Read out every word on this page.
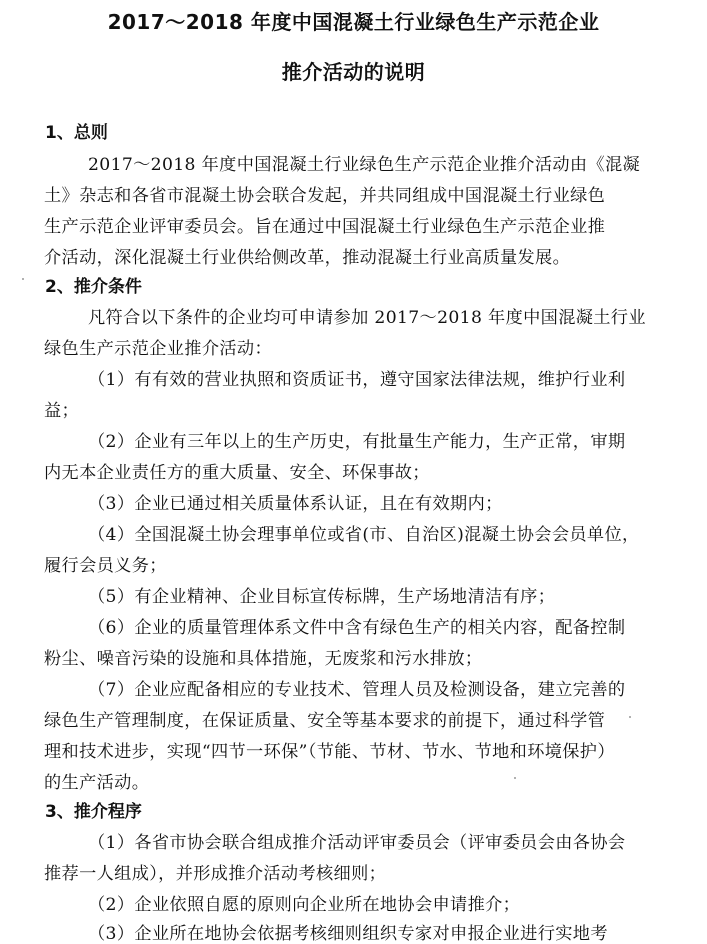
2017～2018 年度中国混凝土行业绿色生产示范企业
推介活动的说明
1、总则
2017～2018 年度中国混凝土行业绿色生产示范企业推介活动由《混凝
土》杂志和各省市混凝土协会联合发起，并共同组成中国混凝土行业绿色
生产示范企业评审委员会。旨在通过中国混凝土行业绿色生产示范企业推
介活动，深化混凝土行业供给侧改革，推动混凝土行业高质量发展。
2、推介条件
凡符合以下条件的企业均可申请参加 2017～2018 年度中国混凝土行业
绿色生产示范企业推介活动：
（1）有有效的营业执照和资质证书，遵守国家法律法规，维护行业利
益；
（2）企业有三年以上的生产历史，有批量生产能力，生产正常，审期
内无本企业责任方的重大质量、安全、环保事故；
（3）企业已通过相关质量体系认证，且在有效期内；
（4）全国混凝土协会理事单位或省(市、自治区)混凝土协会会员单位，
履行会员义务；
（5）有企业精神、企业目标宣传标牌，生产场地清洁有序；
（6）企业的质量管理体系文件中含有绿色生产的相关内容，配备控制
粉尘、噪音污染的设施和具体措施，无废浆和污水排放；
（7）企业应配备相应的专业技术、管理人员及检测设备，建立完善的
绿色生产管理制度，在保证质量、安全等基本要求的前提下，通过科学管
理和技术进步，实现“四节一环保”（节能、节材、节水、节地和环境保护）
的生产活动。
3、推介程序
（1）各省市协会联合组成推介活动评审委员会（评审委员会由各协会
推荐一人组成），并形成推介活动考核细则；
（2）企业依照自愿的原则向企业所在地协会申请推介；
（3）企业所在地协会依据考核细则组织专家对申报企业进行实地考
